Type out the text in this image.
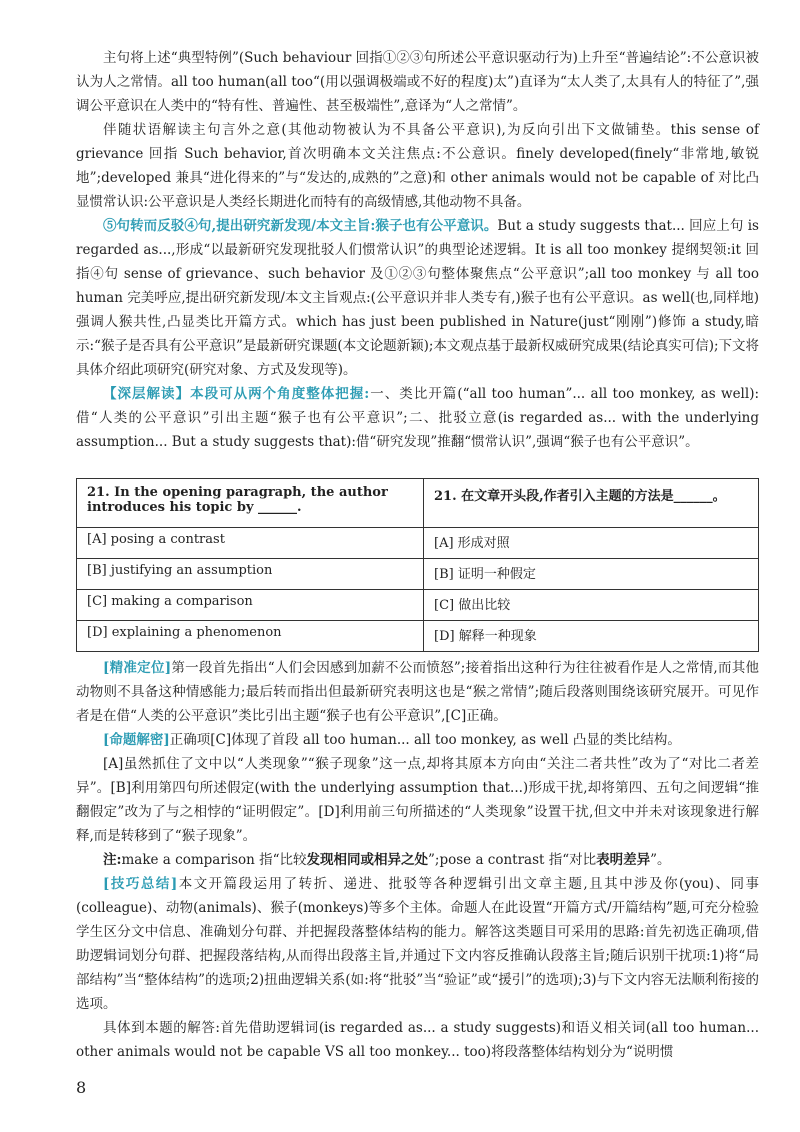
主句将上述“典型特例”(Such behaviour 回指①②③句所述公平意识驱动行为)上升至“普遍结论”:不公意识被认为人之常情。all too human(all too“(用以强调极端或不好的程度)太”)直译为“太人类了,太具有人的特征了”,强调公平意识在人类中的“特有性、普遍性、甚至极端性”,意译为“人之常情”。

伴随状语解读主句言外之意(其他动物被认为不具备公平意识),为反向引出下文做铺垫。this sense of grievance 回指 Such behavior,首次明确本文关注焦点:不公意识。finely developed(finely“非常地,敏锐地”;developed 兼具“进化得来的”与“发达的,成熟的”之意)和 other animals would not be capable of 对比凸显惯常认识:公平意识是人类经长期进化而特有的高级情感,其他动物不具备。

⑤句转而反驳④句,提出研究新发现/本文主旨:猴子也有公平意识。But a study suggests that... 回应上句 is regarded as...,形成“以最新研究发现批驳人们惯常认识”的典型论述逻辑。It is all too monkey 提纲契领:it 回指④句 sense of grievance、such behavior 及①②③句整体聚焦点“公平意识”;all too monkey 与 all too human 完美呼应,提出研究新发现/本文主旨观点:(公平意识并非人类专有,)猴子也有公平意识。as well(也,同样地)强调人猴共性,凸显类比开篇方式。which has just been published in Nature(just“刚刚”)修饰 a study,暗示:“猴子是否具有公平意识”是最新研究课题(本文论题新颖);本文观点基于最新权威研究成果(结论真实可信);下文将具体介绍此项研究(研究对象、方式及发现等)。

【深层解读】本段可从两个角度整体把握:一、类比开篇(“all too human”... all too monkey, as well):借“人类的公平意识”引出主题“猴子也有公平意识”;二、批驳立意(is regarded as... with the underlying assumption... But a study suggests that):借“研究发现”推翻“惯常认识”,强调“猴子也有公平意识”。

21. In the opening paragraph, the author introduces his topic by ______.	21. 在文章开头段,作者引入主题的方法是______。
[A] posing a contrast	[A] 形成对照
[B] justifying an assumption	[B] 证明一种假定
[C] making a comparison	[C] 做出比较
[D] explaining a phenomenon	[D] 解释一种现象

[精准定位]第一段首先指出“人们会因感到加薪不公而愤怒”;接着指出这种行为往往被看作是人之常情,而其他动物则不具备这种情感能力;最后转而指出但最新研究表明这也是“猴之常情”;随后段落则围绕该研究展开。可见作者是在借“人类的公平意识”类比引出主题“猴子也有公平意识”,[C]正确。

[命题解密]正确项[C]体现了首段 all too human... all too monkey, as well 凸显的类比结构。

[A]虽然抓住了文中以“人类现象”“猴子现象”这一点,却将其原本方向由“关注二者共性”改为了“对比二者差异”。[B]利用第四句所述假定(with the underlying assumption that...)形成干扰,却将第四、五句之间逻辑“推翻假定”改为了与之相悖的“证明假定”。[D]利用前三句所描述的“人类现象”设置干扰,但文中并未对该现象进行解释,而是转移到了“猴子现象”。

注:make a comparison 指“比较发现相同或相异之处”;pose a contrast 指“对比表明差异”。

[技巧总结]本文开篇段运用了转折、递进、批驳等各种逻辑引出文章主题,且其中涉及你(you)、同事(colleague)、动物(animals)、猴子(monkeys)等多个主体。命题人在此设置“开篇方式/开篇结构”题,可充分检验学生区分文中信息、准确划分句群、并把握段落整体结构的能力。解答这类题目可采用的思路:首先初选正确项,借助逻辑词划分句群、把握段落结构,从而得出段落主旨,并通过下文内容反推确认段落主旨;随后识别干扰项:1)将“局部结构”当“整体结构”的选项;2)扭曲逻辑关系(如:将“批驳”当“验证”或“援引”的选项);3)与下文内容无法顺利衔接的选项。

具体到本题的解答:首先借助逻辑词(is regarded as... a study suggests)和语义相关词(all too human... other animals would not be capable VS all too monkey... too)将段落整体结构划分为“说明惯

8
